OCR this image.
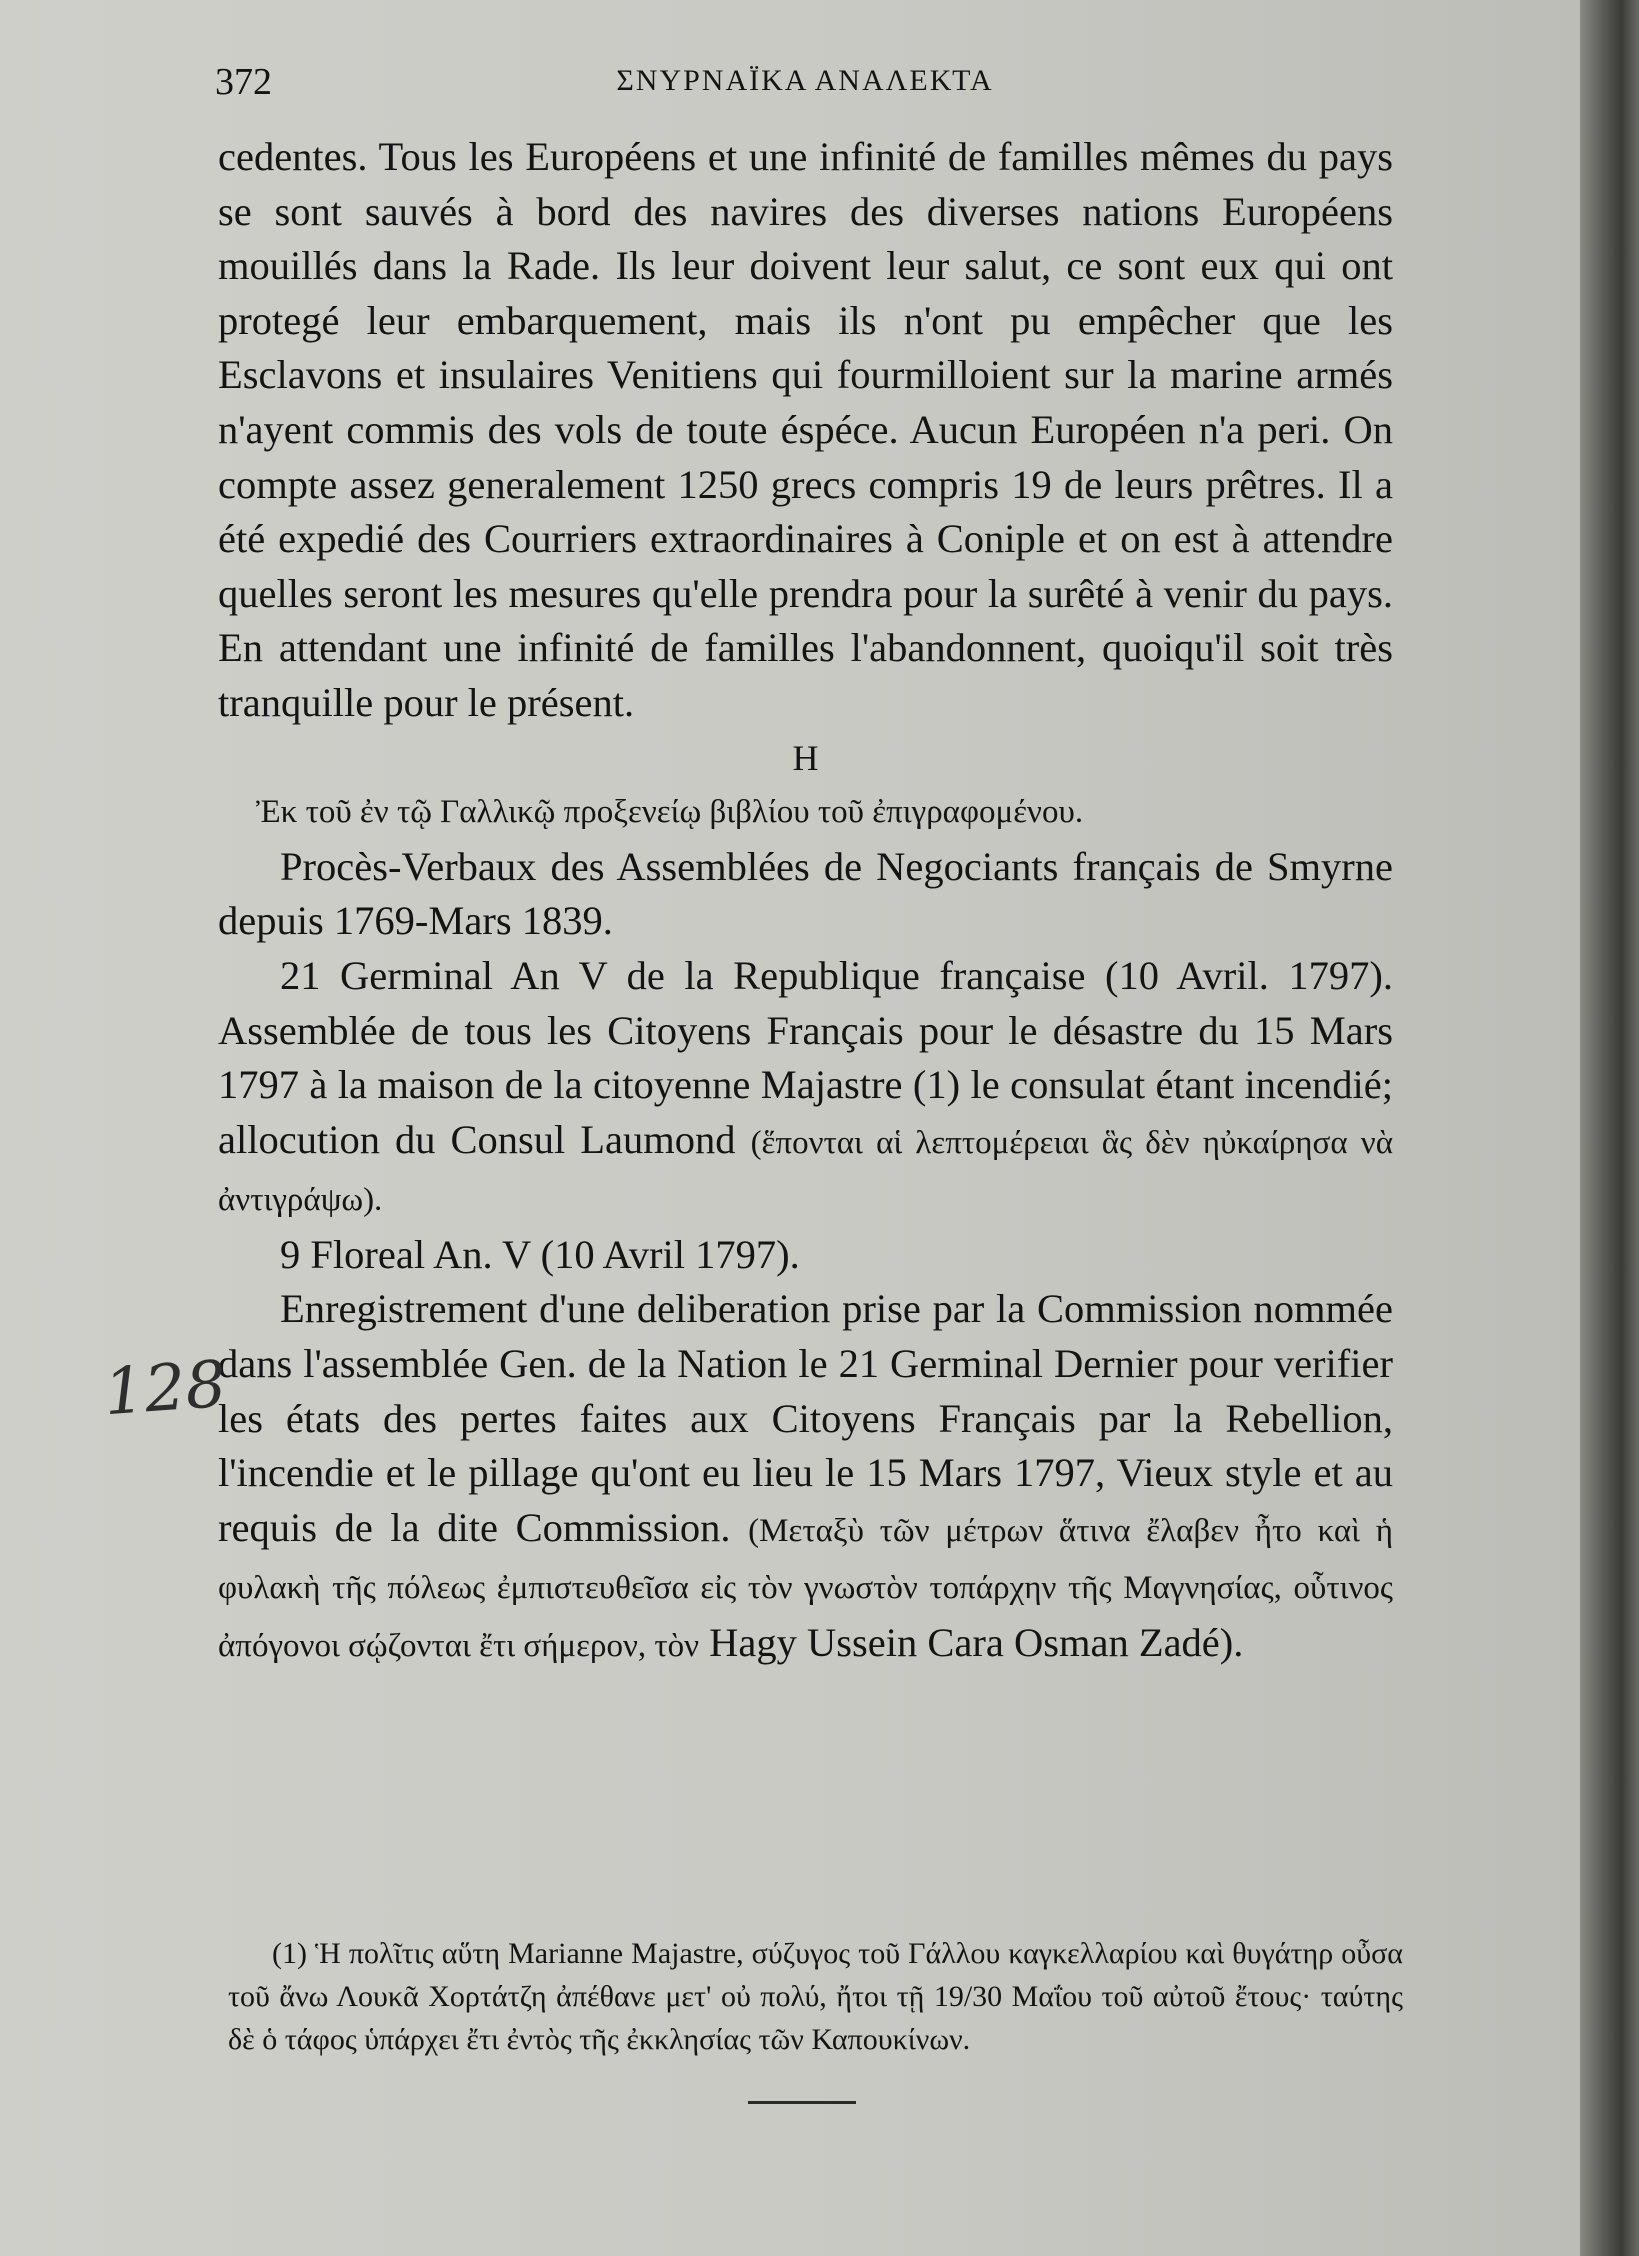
372	ΣΝΥΡΝΑΪΚΑ ΑΝΑΛΕΚΤΑ

cedentes. Tous les Européens et une infinité de familles mêmes du pays se sont sauvés à bord des navires des diverses nations Européens mouillés dans la Rade. Ils leur doivent leur salut, ce sont eux qui ont protegé leur embarquement, mais ils n'ont pu empêcher que les Esclavons et insulaires Venitiens qui fourmilloient sur la marine armés n'ayent commis des vols de toute éspéce. Aucun Européen n'a peri. On compte assez generalement 1250 grecs compris 19 de leurs prêtres. Il a été expedié des Courriers extraordinaires à Coniple et on est à attendre quelles seront les mesures qu'elle prendra pour la surêté à venir du pays. En attendant une infinité de familles l'abandonnent, quoiqu'il soit très tranquille pour le présent.

H

Ἐκ τοῦ ἐν τῷ Γαλλικῷ προξενείῳ βιβλίου τοῦ ἐπιγραφομένου.

Procès-Verbaux des Assemblées de Negociants français de Smyrne depuis 1769-Mars 1839.

21 Germinal An V de la Republique française (10 Avril. 1797). Assemblée de tous les Citoyens Français pour le désastre du 15 Mars 1797 à la maison de la citoyenne Majastre (1) le consulat étant incendié; allocution du Consul Laumond (ἕπονται αἱ λεπτομέρειαι ἃς δὲν ηὐκαίρησα νὰ ἀντιγράψω).

9 Floreal An. V (10 Avril 1797).

Enregistrement d'une deliberation prise par la Commission nommée dans l'assemblée Gen. de la Nation le 21 Germinal Dernier pour verifier les états des pertes faites aux Citoyens Français par la Rebellion, l'incendie et le pillage qu'ont eu lieu le 15 Mars 1797, Vieux style et au requis de la dite Commission. (Μεταξὺ τῶν μέτρων ἅτινα ἔλαβεν ἦτο καὶ ἡ φυλακὴ τῆς πόλεως ἐμπιστευθεῖσα εἰς τὸν γνωστὸν τοπάρχην τῆς Μαγνησίας, οὗτινος ἀπόγονοι σῴζονται ἔτι σήμερον, τὸν Hagy Ussein Cara Osman Zadé).

128

(1) Ἡ πολῖτις αὕτη Marianne Majastre, σύζυγος τοῦ Γάλλου καγκελλαρίου καὶ θυγάτηρ οὖσα τοῦ ἄνω Λουκᾶ Χορτάτζη ἀπέθανε μετ' οὐ πολύ, ἤτοι τῇ 19/30 Μαΐου τοῦ αὐτοῦ ἔτους· ταύτης δὲ ὁ τάφος ὑπάρχει ἔτι ἐντὸς τῆς ἐκκλησίας τῶν Καπουκίνων.
